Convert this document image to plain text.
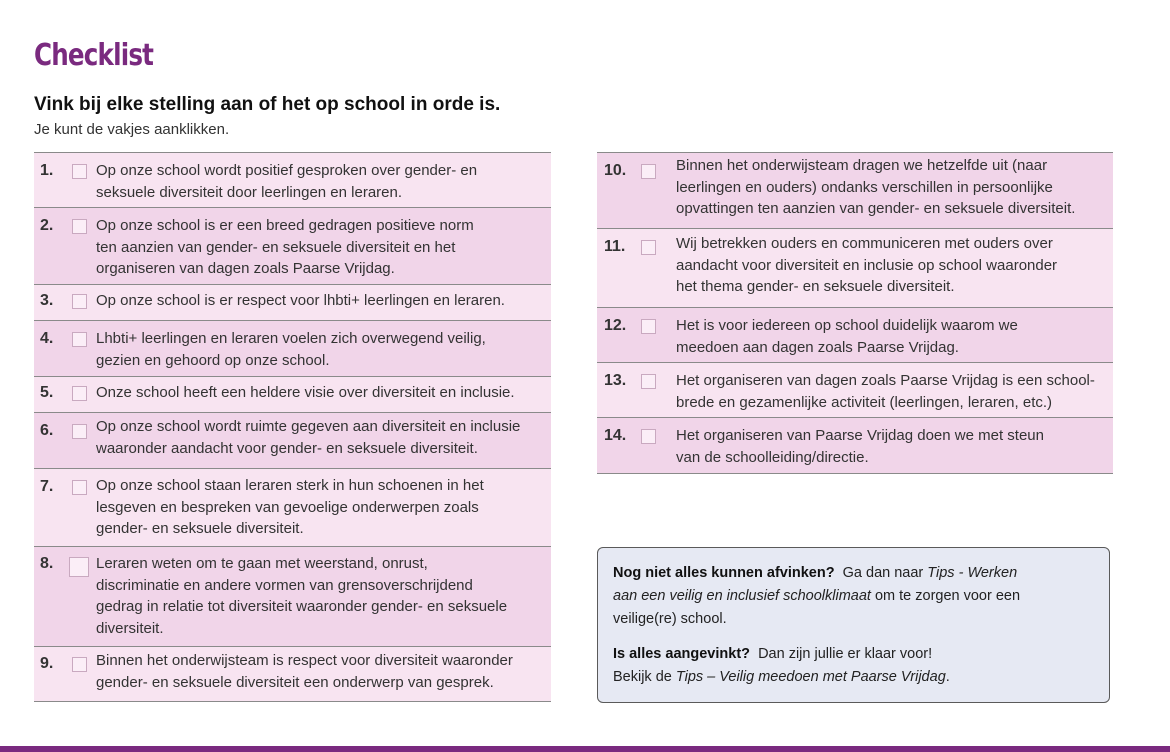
Checklist
Vink bij elke stelling aan of het op school in orde is.
Je kunt de vakjes aanklikken.
1.	Op onze school wordt positief gesproken over gender- en
seksuele diversiteit door leerlingen en leraren.
2.	Op onze school is er een breed gedragen positieve norm
ten aanzien van gender- en seksuele diversiteit en het
organiseren van dagen zoals Paarse Vrijdag.
3.	Op onze school is er respect voor lhbti+ leerlingen en leraren.
4.	Lhbti+ leerlingen en leraren voelen zich overwegend veilig,
gezien en gehoord op onze school.
5.	Onze school heeft een heldere visie over diversiteit en inclusie.
6.	Op onze school wordt ruimte gegeven aan diversiteit en inclusie
waaronder aandacht voor gender- en seksuele diversiteit.
7.	Op onze school staan leraren sterk in hun schoenen in het
lesgeven en bespreken van gevoelige onderwerpen zoals
gender- en seksuele diversiteit.
8.	Leraren weten om te gaan met weerstand, onrust,
discriminatie en andere vormen van grensoverschrijdend
gedrag in relatie tot diversiteit waaronder gender- en seksuele
diversiteit.
9.	Binnen het onderwijsteam is respect voor diversiteit waaronder
gender- en seksuele diversiteit een onderwerp van gesprek.
10.	Binnen het onderwijsteam dragen we hetzelfde uit (naar
leerlingen en ouders) ondanks verschillen in persoonlijke
opvattingen ten aanzien van gender- en seksuele diversiteit.
11.	Wij betrekken ouders en communiceren met ouders over
aandacht voor diversiteit en inclusie op school waaronder
het thema gender- en seksuele diversiteit.
12.	Het is voor iedereen op school duidelijk waarom we
meedoen aan dagen zoals Paarse Vrijdag.
13.	Het organiseren van dagen zoals Paarse Vrijdag is een school-
brede en gezamenlijke activiteit (leerlingen, leraren, etc.)
14.	Het organiseren van Paarse Vrijdag doen we met steun
van de schoolleiding/directie.

Nog niet alles kunnen afvinken? Ga dan naar Tips - Werken

aan een veilig en inclusief schoolklimaat om te zorgen voor een

veilige(re) school.

Is alles aangevinkt? Dan zijn jullie er klaar voor!

Bekijk de Tips – Veilig meedoen met Paarse Vrijdag.
